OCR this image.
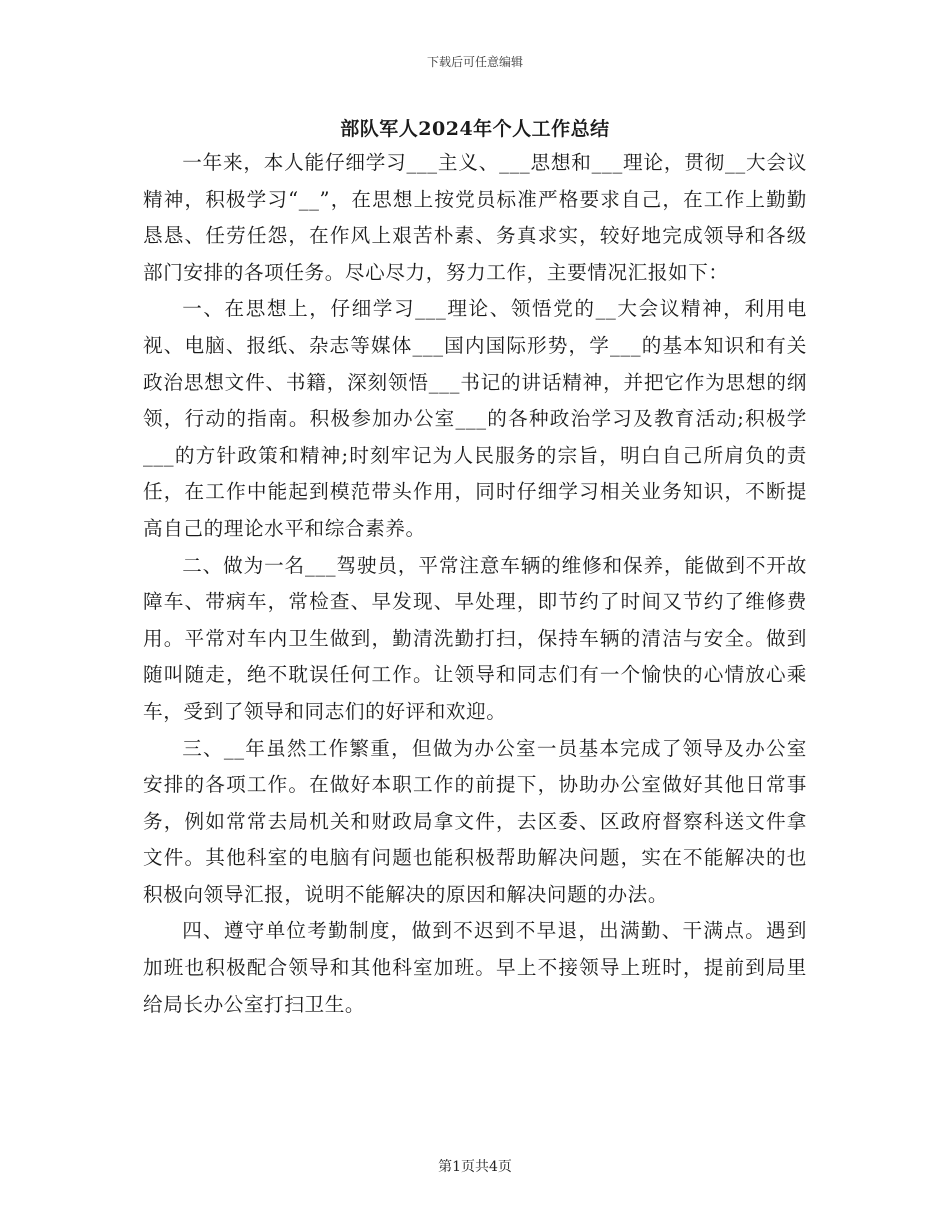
下载后可任意编辑
部队军人2024年个人工作总结

一年来，本人能仔细学习___主义、___思想和___理论，贯彻__大会议精神，积极学习“__”，在思想上按党员标准严格要求自己，在工作上勤勤恳恳、任劳任怨，在作风上艰苦朴素、务真求实，较好地完成领导和各级部门安排的各项任务。尽心尽力，努力工作，主要情况汇报如下：

一、在思想上，仔细学习___理论、领悟党的__大会议精神，利用电视、电脑、报纸、杂志等媒体___国内国际形势，学___的基本知识和有关政治思想文件、书籍，深刻领悟___书记的讲话精神，并把它作为思想的纲领，行动的指南。积极参加办公室___的各种政治学习及教育活动;积极学___的方针政策和精神;时刻牢记为人民服务的宗旨，明白自己所肩负的责任，在工作中能起到模范带头作用，同时仔细学习相关业务知识，不断提高自己的理论水平和综合素养。

二、做为一名___驾驶员，平常注意车辆的维修和保养，能做到不开故障车、带病车，常检查、早发现、早处理，即节约了时间又节约了维修费用。平常对车内卫生做到，勤清洗勤打扫，保持车辆的清洁与安全。做到随叫随走，绝不耽误任何工作。让领导和同志们有一个愉快的心情放心乘车，受到了领导和同志们的好评和欢迎。

三、__年虽然工作繁重，但做为办公室一员基本完成了领导及办公室安排的各项工作。在做好本职工作的前提下，协助办公室做好其他日常事务，例如常常去局机关和财政局拿文件，去区委、区政府督察科送文件拿文件。其他科室的电脑有问题也能积极帮助解决问题，实在不能解决的也积极向领导汇报，说明不能解决的原因和解决问题的办法。

四、遵守单位考勤制度，做到不迟到不早退，出满勤、干满点。遇到加班也积极配合领导和其他科室加班。早上不接领导上班时，提前到局里给局长办公室打扫卫生。

第1页共4页
